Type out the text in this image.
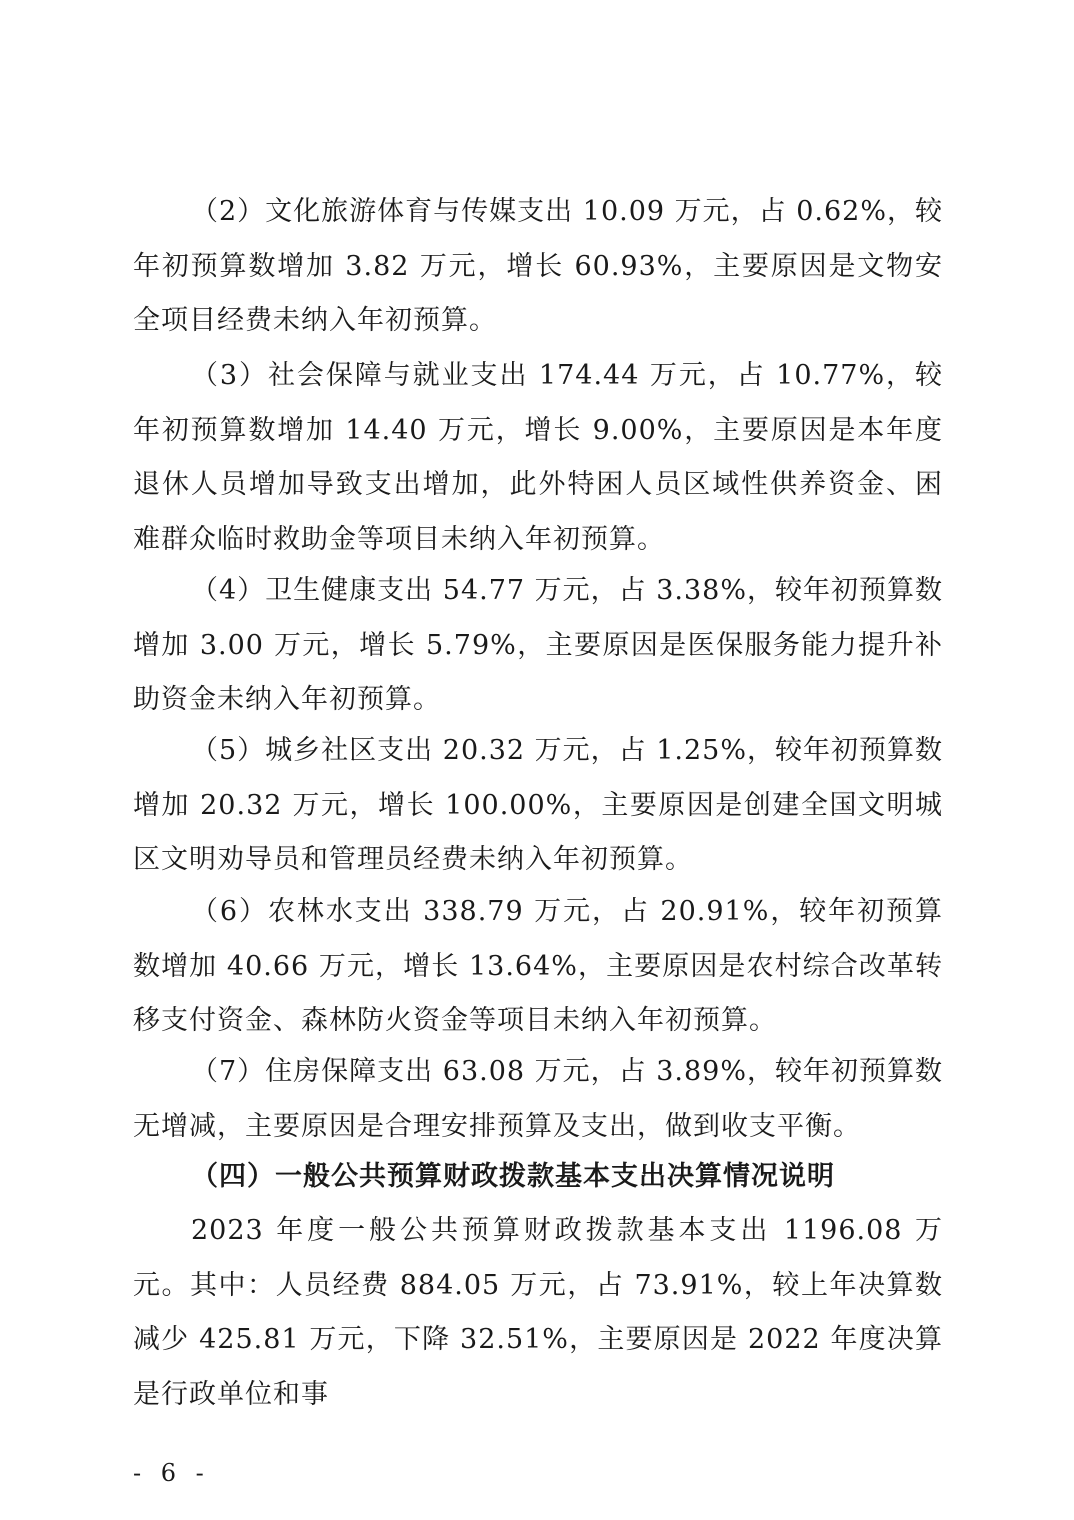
（2）文化旅游体育与传媒支出 10.09 万元，占 0.62%，较年初预算数增加 3.82 万元，增长 60.93%，主要原因是文物安全项目经费未纳入年初预算。

（3）社会保障与就业支出 174.44 万元，占 10.77%，较年初预算数增加 14.40 万元，增长 9.00%，主要原因是本年度退休人员增加导致支出增加，此外特困人员区域性供养资金、困难群众临时救助金等项目未纳入年初预算。

（4）卫生健康支出 54.77 万元，占 3.38%，较年初预算数增加 3.00 万元，增长 5.79%，主要原因是医保服务能力提升补助资金未纳入年初预算。

（5）城乡社区支出 20.32 万元，占 1.25%，较年初预算数增加 20.32 万元，增长 100.00%，主要原因是创建全国文明城区文明劝导员和管理员经费未纳入年初预算。

（6）农林水支出 338.79 万元，占 20.91%，较年初预算数增加 40.66 万元，增长 13.64%，主要原因是农村综合改革转移支付资金、森林防火资金等项目未纳入年初预算。

（7）住房保障支出 63.08 万元，占 3.89%，较年初预算数无增减，主要原因是合理安排预算及支出，做到收支平衡。

（四）一般公共预算财政拨款基本支出决算情况说明

2023 年度一般公共预算财政拨款基本支出 1196.08 万元。其中：人员经费 884.05 万元，占 73.91%，较上年决算数减少 425.81 万元，下降 32.51%，主要原因是 2022 年度决算是行政单位和事

- 6 -
